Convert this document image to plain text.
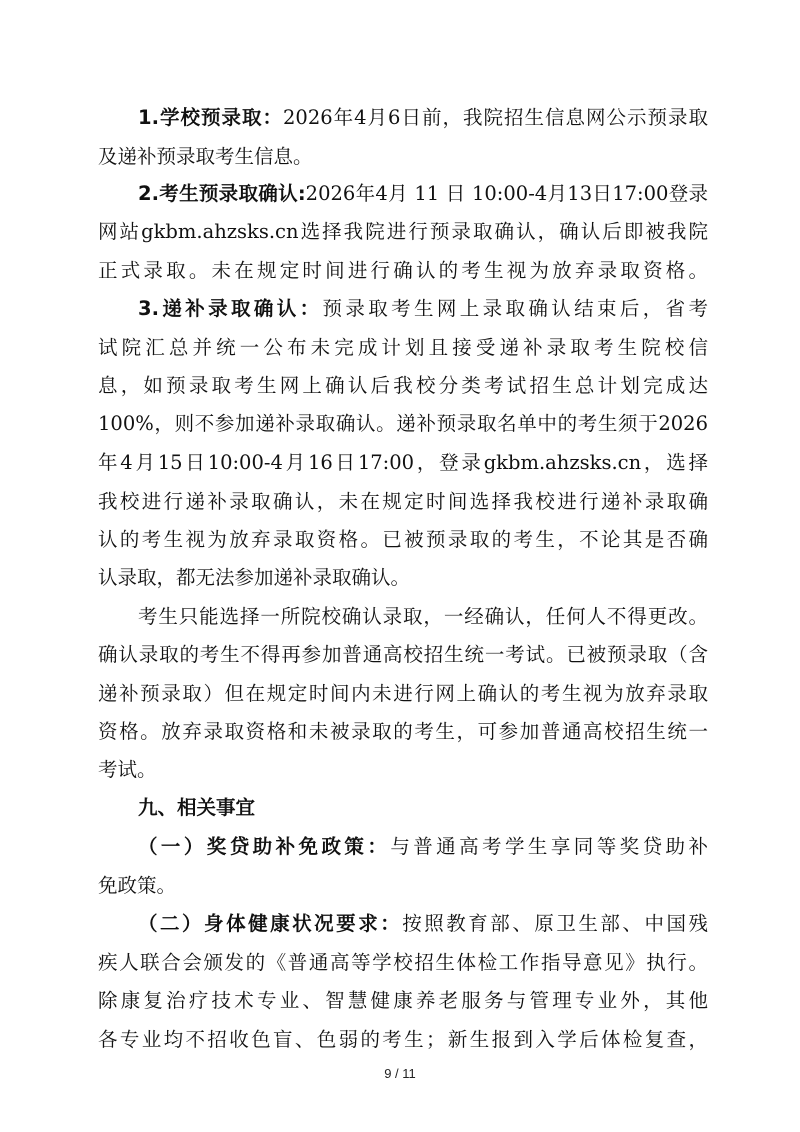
1.学校预录取：2026年4月6日前，我院招生信息网公示预录取
及递补预录取考生信息。
2.考生预录取确认:2026年4月 11 日 10:00-4月13日17:00登录
网站gkbm.ahzsks.cn选择我院进行预录取确认，确认后即被我院
正式录取。未在规定时间进行确认的考生视为放弃录取资格。
3.递补录取确认：预录取考生网上录取确认结束后，省考
试院汇总并统一公布未完成计划且接受递补录取考生院校信
息，如预录取考生网上确认后我校分类考试招生总计划完成达
100%，则不参加递补录取确认。递补预录取名单中的考生须于2026
年4月15日10:00-4月16日17:00，登录gkbm.ahzsks.cn，选择
我校进行递补录取确认，未在规定时间选择我校进行递补录取确
认的考生视为放弃录取资格。已被预录取的考生，不论其是否确
认录取，都无法参加递补录取确认。
考生只能选择一所院校确认录取，一经确认，任何人不得更改。
确认录取的考生不得再参加普通高校招生统一考试。已被预录取（含
递补预录取）但在规定时间内未进行网上确认的考生视为放弃录取
资格。放弃录取资格和未被录取的考生，可参加普通高校招生统一
考试。
九、相关事宜
（一）奖贷助补免政策：与普通高考学生享同等奖贷助补
免政策。
（二）身体健康状况要求：按照教育部、原卫生部、中国残
疾人联合会颁发的《普通高等学校招生体检工作指导意见》执行。
除康复治疗技术专业、智慧健康养老服务与管理专业外，其他
各专业均不招收色盲、色弱的考生；新生报到入学后体检复查，
9 / 11
